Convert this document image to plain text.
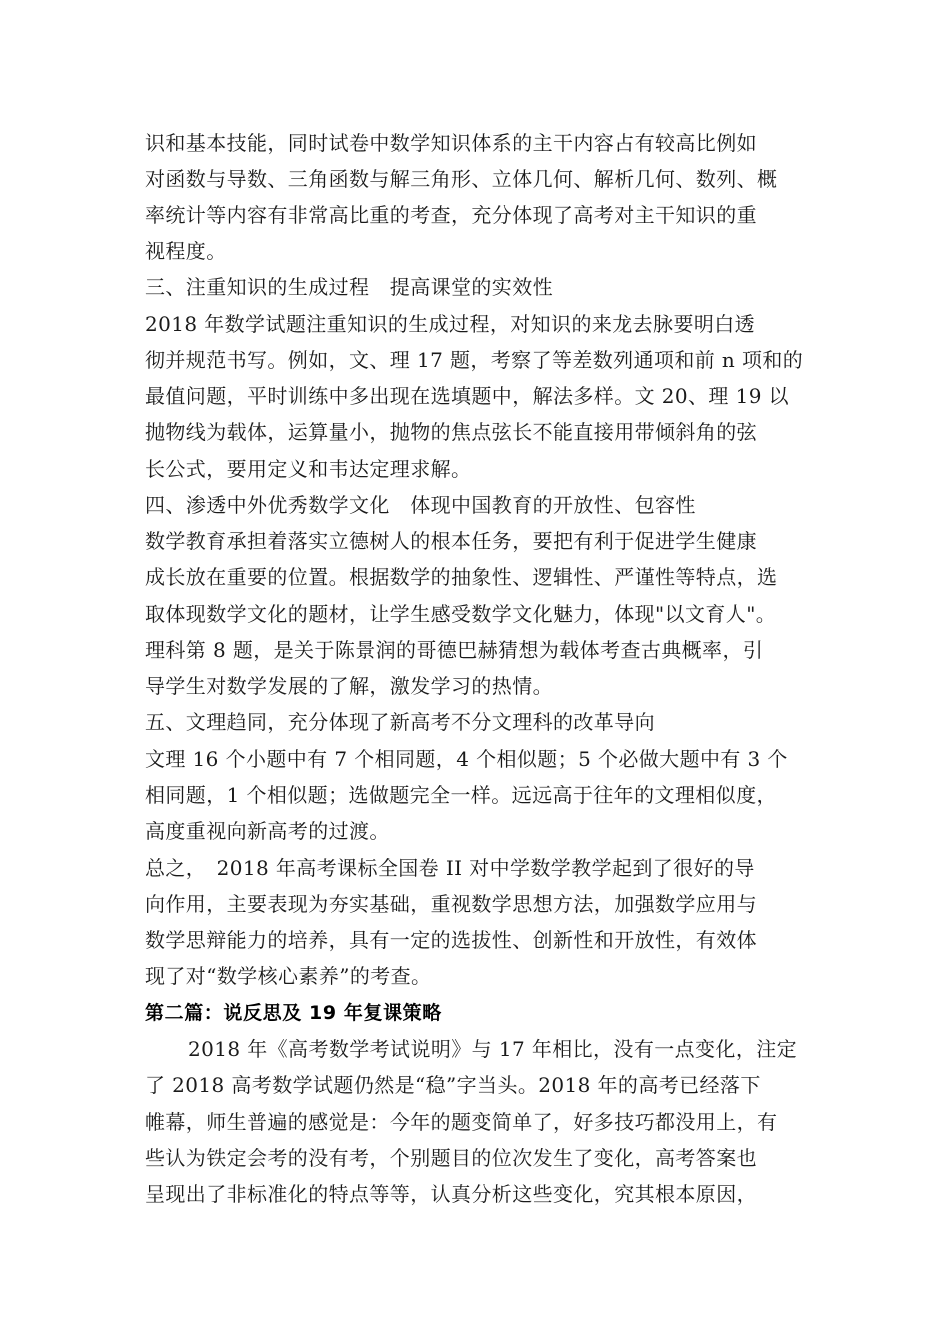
识和基本技能，同时试卷中数学知识体系的主干内容占有较高比例如
对函数与导数、三角函数与解三角形、立体几何、解析几何、数列、概
率统计等内容有非常高比重的考查，充分体现了高考对主干知识的重
视程度。
三、注重知识的生成过程　提高课堂的实效性
2018 年数学试题注重知识的生成过程，对知识的来龙去脉要明白透
彻并规范书写。例如，文、理 17 题，考察了等差数列通项和前 n 项和的
最值问题，平时训练中多出现在选填题中，解法多样。文 20、理 19 以
抛物线为载体，运算量小，抛物的焦点弦长不能直接用带倾斜角的弦
长公式，要用定义和韦达定理求解。
四、渗透中外优秀数学文化　体现中国教育的开放性、包容性
数学教育承担着落实立德树人的根本任务，要把有利于促进学生健康
成长放在重要的位置。根据数学的抽象性、逻辑性、严谨性等特点，选
取体现数学文化的题材，让学生感受数学文化魅力，体现"以文育人"。
理科第 8 题，是关于陈景润的哥德巴赫猜想为载体考查古典概率，引
导学生对数学发展的了解，激发学习的热情。
五、文理趋同，充分体现了新高考不分文理科的改革导向
文理 16 个小题中有 7 个相同题，4 个相似题；5 个必做大题中有 3 个
相同题，1 个相似题；选做题完全一样。远远高于往年的文理相似度，
高度重视向新高考的过渡。
总之，　2018 年高考课标全国卷 II 对中学数学教学起到了很好的导
向作用，主要表现为夯实基础，重视数学思想方法，加强数学应用与
数学思辩能力的培养，具有一定的选拔性、创新性和开放性，有效体
现了对“数学核心素养”的考查。
第二篇：说反思及 19 年复课策略
2018 年《高考数学考试说明》与 17 年相比，没有一点变化，注定
了 2018 高考数学试题仍然是“稳”字当头。2018 年的高考已经落下
帷幕，师生普遍的感觉是：今年的题变简单了，好多技巧都没用上，有
些认为铁定会考的没有考，个别题目的位次发生了变化，高考答案也
呈现出了非标准化的特点等等，认真分析这些变化，究其根本原因，
